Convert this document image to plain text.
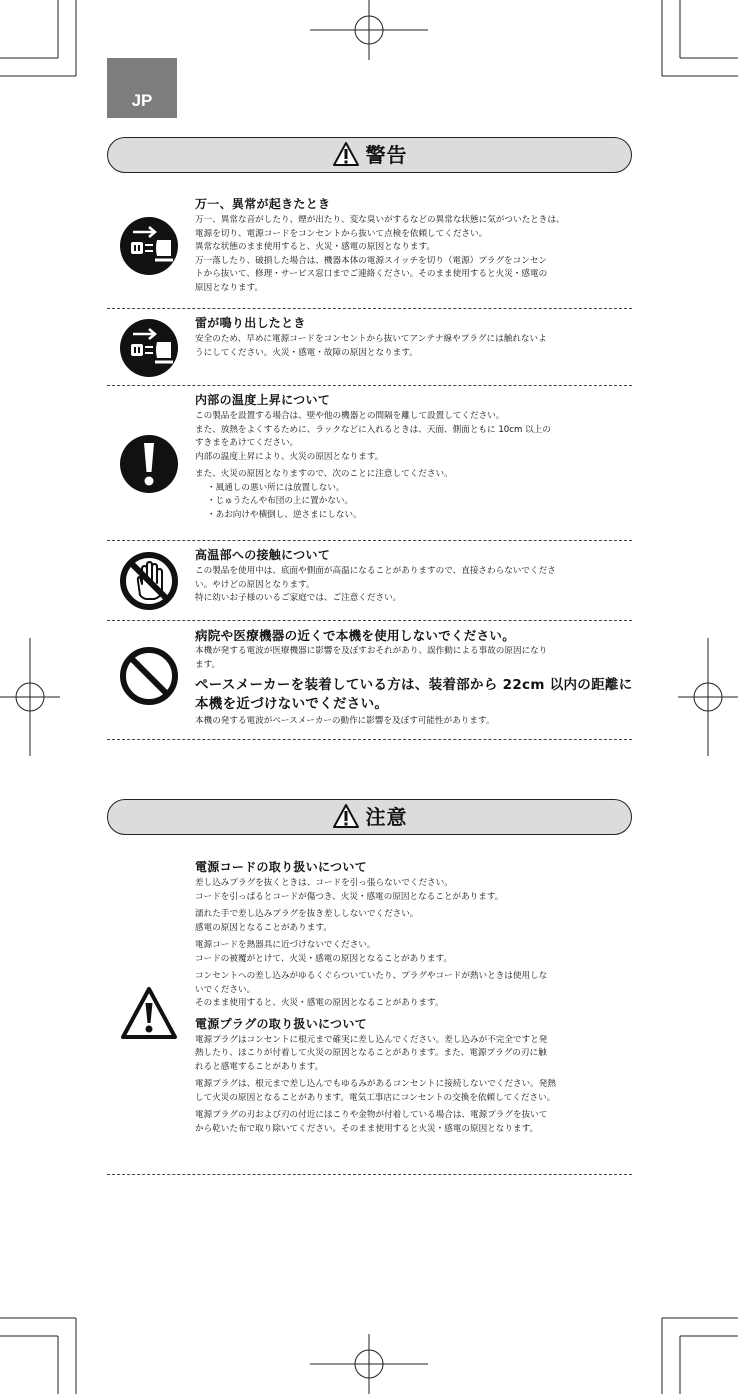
JP
警告

万一、異常が起きたとき

万一、異常な音がしたり、煙が出たり、変な臭いがするなどの異常な状態に気がついたときは、

電源を切り、電源コードをコンセントから抜いて点検を依頼してください。

異常な状態のまま使用すると、火災・感電の原因となります。

万一落したり、破損した場合は、機器本体の電源スイッチを切り（電源）プラグをコンセン

トから抜いて、修理・サービス窓口までご連絡ください。そのまま使用すると火災・感電の

原因となります。

雷が鳴り出したとき

安全のため、早めに電源コードをコンセントから抜いてアンテナ線やプラグには触れないよ

うにしてください。火災・感電・故障の原因となります。

内部の温度上昇について

この製品を設置する場合は、壁や他の機器との間隔を離して設置してください。

また、放熱をよくするために、ラックなどに入れるときは、天面、側面ともに 10cm 以上の

すきまをあけてください。

内部の温度上昇により、火災の原因となります。

また、火災の原因となりますので、次のことに注意してください。

・風通しの悪い所には放置しない。

・じゅうたんや布団の上に置かない。

・あお向けや横倒し、逆さまにしない。

高温部への接触について

この製品を使用中は、底面や側面が高温になることがありますので、直接さわらないでくださ

い。やけどの原因となります。

特に幼いお子様のいるご家庭では、ご注意ください。

病院や医療機器の近くで本機を使用しないでください。

本機が発する電波が医療機器に影響を及ぼすおそれがあり、誤作動による事故の原因になり

ます。

ペースメーカーを装着している方は、装着部から 22cm 以内の距離に

本機を近づけないでください。

本機の発する電波がペースメーカーの動作に影響を及ぼす可能性があります。

注意

電源コードの取り扱いについて

差し込みプラグを抜くときは、コードを引っ張らないでください。

コードを引っぱるとコードが傷つき、火災・感電の原因となることがあります。

濡れた手で差し込みプラグを抜き差ししないでください。

感電の原因となることがあります。

電源コードを熱器具に近づけないでください。

コードの被覆がとけて、火災・感電の原因となることがあります。

コンセントへの差し込みがゆるくぐらついていたり、プラグやコードが熱いときは使用しな

いでください。

そのまま使用すると、火災・感電の原因となることがあります。

電源プラグの取り扱いについて

電源プラグはコンセントに根元まで確実に差し込んでください。差し込みが不完全ですと発

熱したり、ほこりが付着して火災の原因となることがあります。また、電源プラグの刃に触

れると感電することがあります。

電源プラグは、根元まで差し込んでもゆるみがあるコンセントに接続しないでください。発熱

して火災の原因となることがあります。電気工事店にコンセントの交換を依頼してください。

電源プラグの刃および刃の付近にほこりや金物が付着している場合は、電源プラグを抜いて

から乾いた布で取り除いてください。そのまま使用すると火災・感電の原因となります。
